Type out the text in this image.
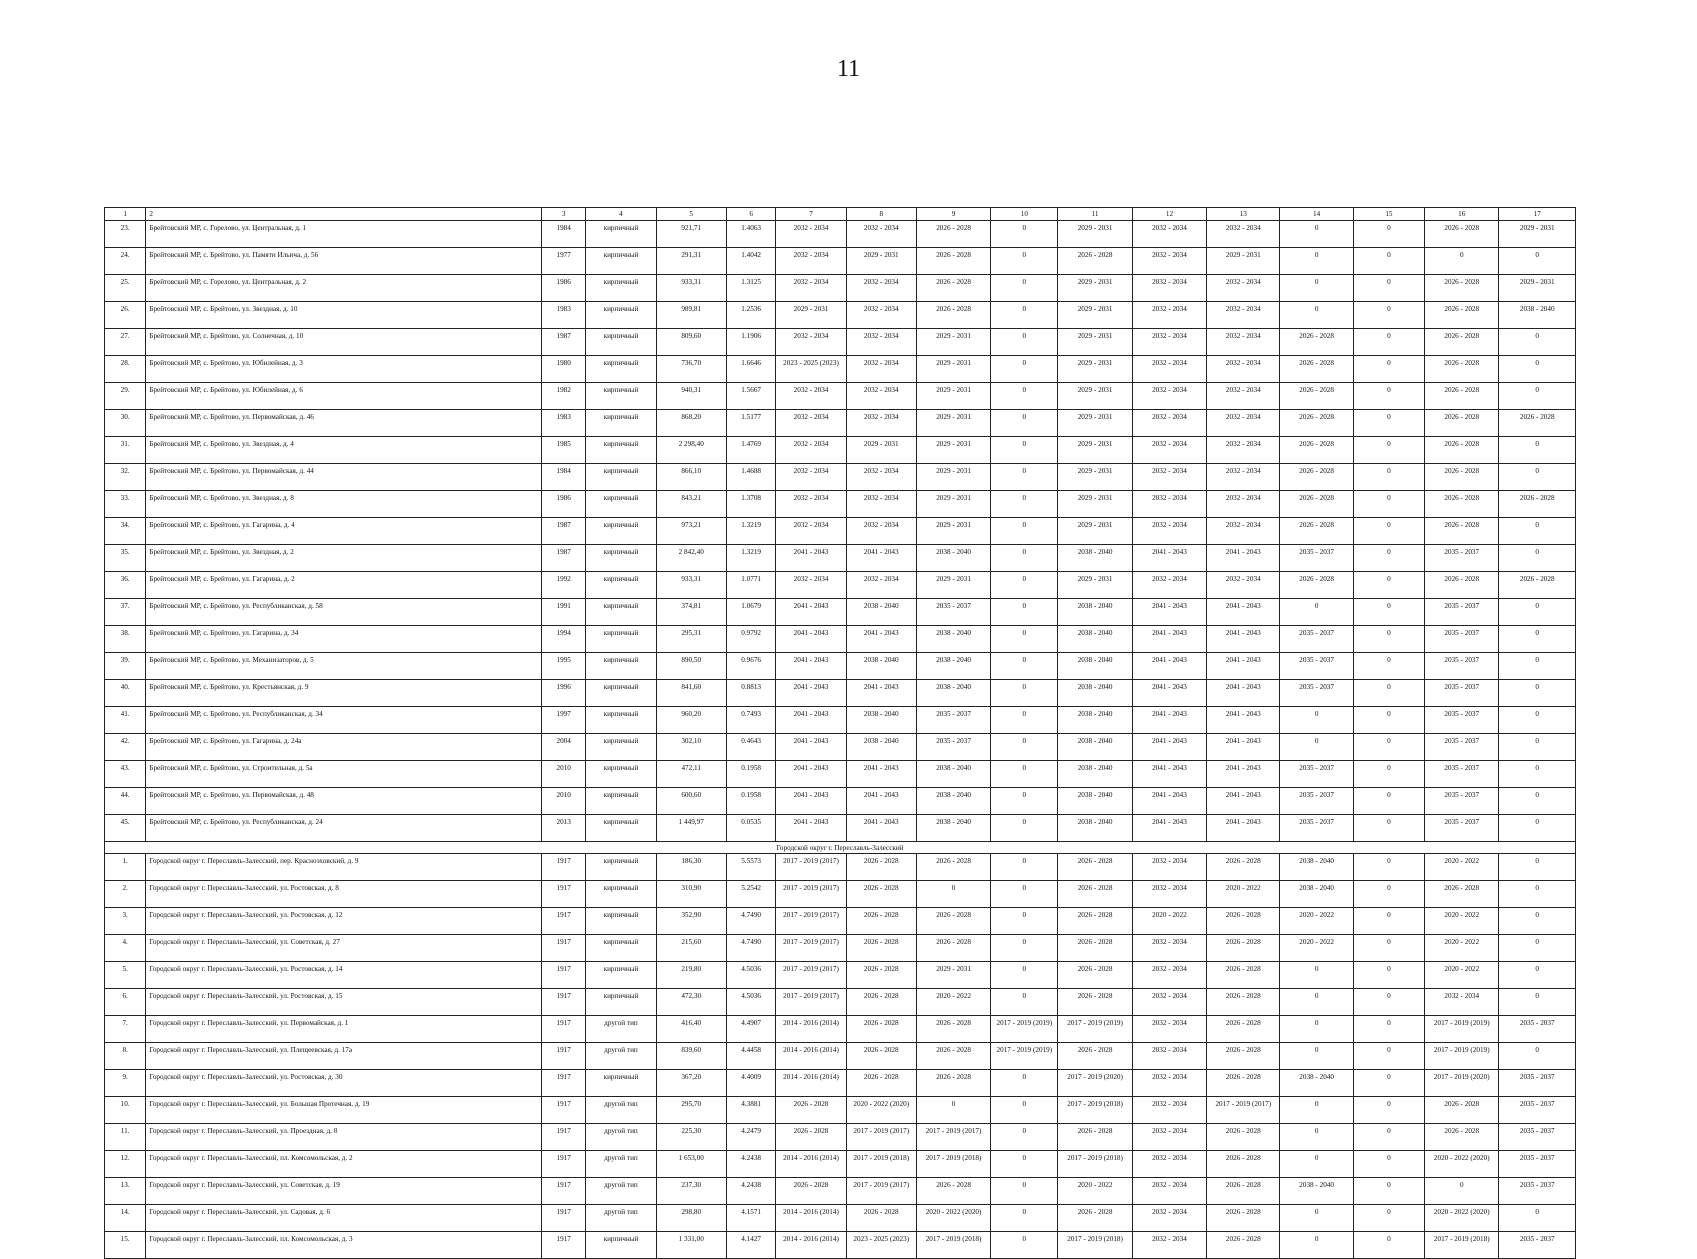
11
1	2	3	4	5	6	7	8	9	10	11	12	13	14	15	16	17
23.	Брейтовский МР, с. Горелово, ул. Центральная, д. 1	1984	кирпичный	921,71	1.4063	2032 - 2034	2032 - 2034	2026 - 2028	0	2029 - 2031	2032 - 2034	2032 - 2034	0	0	2026 - 2028	2029 - 2031
24.	Брейтовский МР, с. Брейтово, ул. Памяти Ильича, д. 56	1977	кирпичный	291,31	1.4042	2032 - 2034	2029 - 2031	2026 - 2028	0	2026 - 2028	2032 - 2034	2029 - 2031	0	0	0	0
25.	Брейтовский МР, с. Горелово, ул. Центральная, д. 2	1986	кирпичный	933,31	1.3125	2032 - 2034	2032 - 2034	2026 - 2028	0	2029 - 2031	2032 - 2034	2032 - 2034	0	0	2026 - 2028	2029 - 2031
26.	Брейтовский МР, с. Брейтово, ул. Звездная, д. 10	1983	кирпичный	989,81	1.2536	2029 - 2031	2032 - 2034	2026 - 2028	0	2029 - 2031	2032 - 2034	2032 - 2034	0	0	2026 - 2028	2038 - 2040
27.	Брейтовский МР, с. Брейтово, ул. Солнечная, д. 10	1987	кирпичный	809,60	1.1906	2032 - 2034	2032 - 2034	2029 - 2031	0	2029 - 2031	2032 - 2034	2032 - 2034	2026 - 2028	0	2026 - 2028	0
28.	Брейтовский МР, с. Брейтово, ул. Юбилейная, д. 3	1980	кирпичный	736,70	1.6646	2023 - 2025 (2023)	2032 - 2034	2029 - 2031	0	2029 - 2031	2032 - 2034	2032 - 2034	2026 - 2028	0	2026 - 2028	0
29.	Брейтовский МР, с. Брейтово, ул. Юбилейная, д. 6	1982	кирпичный	940,31	1.5667	2032 - 2034	2032 - 2034	2029 - 2031	0	2029 - 2031	2032 - 2034	2032 - 2034	2026 - 2028	0	2026 - 2028	0
30.	Брейтовский МР, с. Брейтово, ул. Первомайская, д. 46	1983	кирпичный	868,20	1.5177	2032 - 2034	2032 - 2034	2029 - 2031	0	2029 - 2031	2032 - 2034	2032 - 2034	2026 - 2028	0	2026 - 2028	2026 - 2028
31.	Брейтовский МР, с. Брейтово, ул. Звездная, д. 4	1985	кирпичный	2 298,40	1.4769	2032 - 2034	2029 - 2031	2029 - 2031	0	2029 - 2031	2032 - 2034	2032 - 2034	2026 - 2028	0	2026 - 2028	0
32.	Брейтовский МР, с. Брейтово, ул. Первомайская, д. 44	1984	кирпичный	866,10	1.4688	2032 - 2034	2032 - 2034	2029 - 2031	0	2029 - 2031	2032 - 2034	2032 - 2034	2026 - 2028	0	2026 - 2028	0
33.	Брейтовский МР, с. Брейтово, ул. Звездная, д. 8	1986	кирпичный	843,21	1.3708	2032 - 2034	2032 - 2034	2029 - 2031	0	2029 - 2031	2032 - 2034	2032 - 2034	2026 - 2028	0	2026 - 2028	2026 - 2028
34.	Брейтовский МР, с. Брейтово, ул. Гагарина, д. 4	1987	кирпичный	973,21	1.3219	2032 - 2034	2032 - 2034	2029 - 2031	0	2029 - 2031	2032 - 2034	2032 - 2034	2026 - 2028	0	2026 - 2028	0
35.	Брейтовский МР, с. Брейтово, ул. Звездная, д. 2	1987	кирпичный	2 842,40	1.3219	2041 - 2043	2041 - 2043	2038 - 2040	0	2038 - 2040	2041 - 2043	2041 - 2043	2035 - 2037	0	2035 - 2037	0
36.	Брейтовский МР, с. Брейтово, ул. Гагарина, д. 2	1992	кирпичный	933,31	1.0771	2032 - 2034	2032 - 2034	2029 - 2031	0	2029 - 2031	2032 - 2034	2032 - 2034	2026 - 2028	0	2026 - 2028	2026 - 2028
37.	Брейтовский МР, с. Брейтово, ул. Республиканская, д. 58	1991	кирпичный	374,81	1.0679	2041 - 2043	2038 - 2040	2035 - 2037	0	2038 - 2040	2041 - 2043	2041 - 2043	0	0	2035 - 2037	0
38.	Брейтовский МР, с. Брейтово, ул. Гагарина, д. 34	1994	кирпичный	295,31	0.9792	2041 - 2043	2041 - 2043	2038 - 2040	0	2038 - 2040	2041 - 2043	2041 - 2043	2035 - 2037	0	2035 - 2037	0
39.	Брейтовский МР, с. Брейтово, ул. Механизаторов, д. 5	1995	кирпичный	890,50	0.9676	2041 - 2043	2038 - 2040	2038 - 2040	0	2038 - 2040	2041 - 2043	2041 - 2043	2035 - 2037	0	2035 - 2037	0
40.	Брейтовский МР, с. Брейтово, ул. Крестьянская, д. 9	1996	кирпичный	841,60	0.8813	2041 - 2043	2041 - 2043	2038 - 2040	0	2038 - 2040	2041 - 2043	2041 - 2043	2035 - 2037	0	2035 - 2037	0
41.	Брейтовский МР, с. Брейтово, ул. Республиканская, д. 34	1997	кирпичный	960,20	0.7493	2041 - 2043	2038 - 2040	2035 - 2037	0	2038 - 2040	2041 - 2043	2041 - 2043	0	0	2035 - 2037	0
42.	Брейтовский МР, с. Брейтово, ул. Гагарина, д. 24а	2004	кирпичный	302,10	0.4643	2041 - 2043	2038 - 2040	2035 - 2037	0	2038 - 2040	2041 - 2043	2041 - 2043	0	0	2035 - 2037	0
43.	Брейтовский МР, с. Брейтово, ул. Строительная, д. 5а	2010	кирпичный	472,11	0.1958	2041 - 2043	2041 - 2043	2038 - 2040	0	2038 - 2040	2041 - 2043	2041 - 2043	2035 - 2037	0	2035 - 2037	0
44.	Брейтовский МР, с. Брейтово, ул. Первомайская, д. 48	2010	кирпичный	600,60	0.1958	2041 - 2043	2041 - 2043	2038 - 2040	0	2038 - 2040	2041 - 2043	2041 - 2043	2035 - 2037	0	2035 - 2037	0
45.	Брейтовский МР, с. Брейтово, ул. Республиканская, д. 24	2013	кирпичный	1 449,97	0.0535	2041 - 2043	2041 - 2043	2038 - 2040	0	2038 - 2040	2041 - 2043	2041 - 2043	2035 - 2037	0	2035 - 2037	0
Городской округ г. Переславль-Залесский																
1.	Городской округ г. Переславль-Залесский, пер. Красноэховский, д. 9	1917	кирпичный	186,30	5.5573	2017 - 2019 (2017)	2026 - 2028	2026 - 2028	0	2026 - 2028	2032 - 2034	2026 - 2028	2038 - 2040	0	2020 - 2022	0
2.	Городской округ г. Переславль-Залесский, ул. Ростовская, д. 8	1917	кирпичный	310,90	5.2542	2017 - 2019 (2017)	2026 - 2028	0	0	2026 - 2028	2032 - 2034	2020 - 2022	2038 - 2040	0	2026 - 2028	0
3.	Городской округ г. Переславль-Залесский, ул. Ростовская, д. 12	1917	кирпичный	352,90	4.7490	2017 - 2019 (2017)	2026 - 2028	2026 - 2028	0	2026 - 2028	2020 - 2022	2026 - 2028	2020 - 2022	0	2020 - 2022	0
4.	Городской округ г. Переславль-Залесский, ул. Советская, д. 27	1917	кирпичный	215,60	4.7490	2017 - 2019 (2017)	2026 - 2028	2026 - 2028	0	2026 - 2028	2032 - 2034	2026 - 2028	2020 - 2022	0	2020 - 2022	0
5.	Городской округ г. Переславль-Залесский, ул. Ростовская, д. 14	1917	кирпичный	219,80	4.5036	2017 - 2019 (2017)	2026 - 2028	2029 - 2031	0	2026 - 2028	2032 - 2034	2026 - 2028	0	0	2020 - 2022	0
6.	Городской округ г. Переславль-Залесский, ул. Ростовская, д. 15	1917	кирпичный	472,30	4.5036	2017 - 2019 (2017)	2026 - 2028	2020 - 2022	0	2026 - 2028	2032 - 2034	2026 - 2028	0	0	2032 - 2034	0
7.	Городской округ г. Переславль-Залесский, ул. Первомайская, д. 1	1917	другой тип	416,40	4.4907	2014 - 2016 (2014)	2026 - 2028	2026 - 2028	2017 - 2019 (2019)	2017 - 2019 (2019)	2032 - 2034	2026 - 2028	0	0	2017 - 2019 (2019)	2035 - 2037
8.	Городской округ г. Переславль-Залесский, ул. Плещеевская, д. 17а	1917	другой тип	839,60	4.4458	2014 - 2016 (2014)	2026 - 2028	2026 - 2028	2017 - 2019 (2019)	2026 - 2028	2032 - 2034	2026 - 2028	0	0	2017 - 2019 (2019)	0
9.	Городской округ г. Переславль-Залесский, ул. Ростовская, д. 30	1917	кирпичный	367,20	4.4009	2014 - 2016 (2014)	2026 - 2028	2026 - 2028	0	2017 - 2019 (2020)	2032 - 2034	2026 - 2028	2038 - 2040	0	2017 - 2019 (2020)	2035 - 2037
10.	Городской округ г. Переславль-Залесский, ул. Большая Протечная, д. 19	1917	другой тип	295,70	4.3881	2026 - 2028	2020 - 2022 (2020)	0	0	2017 - 2019 (2018)	2032 - 2034	2017 - 2019 (2017)	0	0	2026 - 2028	2035 - 2037
11.	Городской округ г. Переславль-Залесский, ул. Проездная, д. 8	1917	другой тип	225,30	4.2479	2026 - 2028	2017 - 2019 (2017)	2017 - 2019 (2017)	0	2026 - 2028	2032 - 2034	2026 - 2028	0	0	2026 - 2028	2035 - 2037
12.	Городской округ г. Переславль-Залесский, пл. Комсомольская, д. 2	1917	другой тип	1 653,00	4.2438	2014 - 2016 (2014)	2017 - 2019 (2018)	2017 - 2019 (2018)	0	2017 - 2019 (2018)	2032 - 2034	2026 - 2028	0	0	2020 - 2022 (2020)	2035 - 2037
13.	Городской округ г. Переславль-Залесский, ул. Советская, д. 19	1917	другой тип	237,30	4.2438	2026 - 2028	2017 - 2019 (2017)	2026 - 2028	0	2020 - 2022	2032 - 2034	2026 - 2028	2038 - 2040	0	0	2035 - 2037
14.	Городской округ г. Переславль-Залесский, ул. Садовая, д. 6	1917	другой тип	298,80	4.1571	2014 - 2016 (2014)	2026 - 2028	2020 - 2022 (2020)	0	2026 - 2028	2032 - 2034	2026 - 2028	0	0	2020 - 2022 (2020)	0
15.	Городской округ г. Переславль-Залесский, пл. Комсомольская, д. 3	1917	кирпичный	1 331,00	4.1427	2014 - 2016 (2014)	2023 - 2025 (2023)	2017 - 2019 (2018)	0	2017 - 2019 (2018)	2032 - 2034	2026 - 2028	0	0	2017 - 2019 (2018)	2035 - 2037
